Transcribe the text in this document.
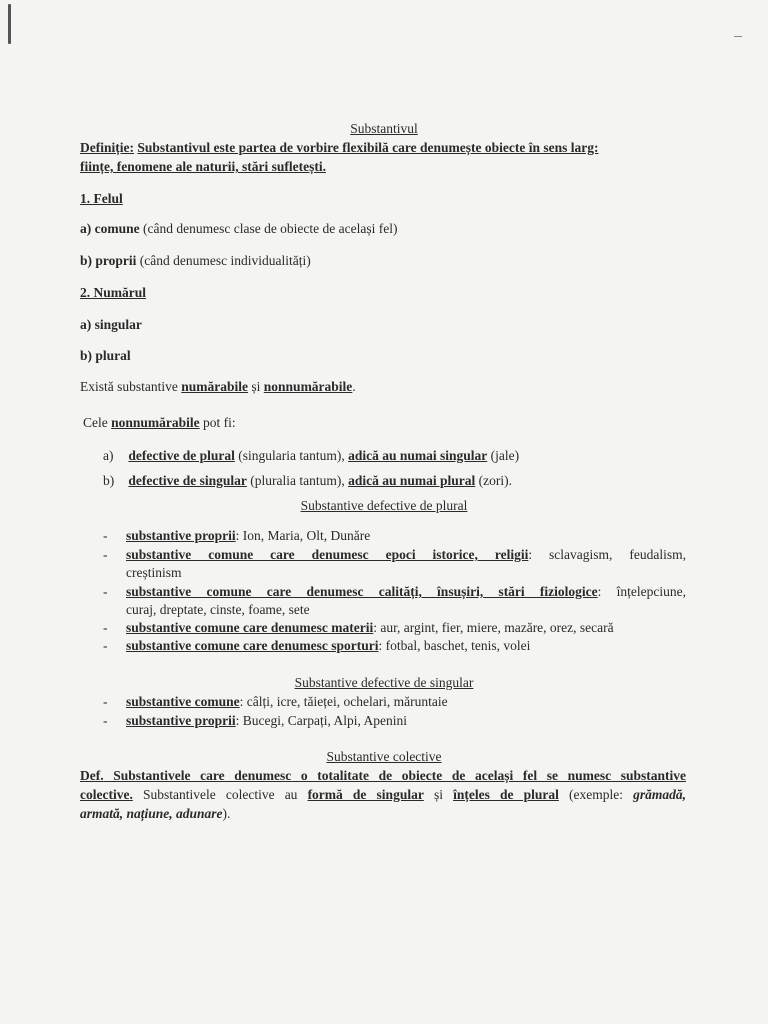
Substantivul
Definiție: Substantivul este partea de vorbire flexibilă care denumește obiecte în sens larg:
ființe, fenomene ale naturii, stări sufletești.
1. Felul
a) comune (când denumesc clase de obiecte de același fel)
b) proprii (când denumesc individualități)
2. Numărul
a) singular
b) plural
Există substantive numărabile și nonnumărabile.
Cele nonnumărabile pot fi:
a) defective de plural (singularia tantum), adică au numai singular (jale)
b) defective de singular (pluralia tantum), adică au numai plural (zori).
Substantive defective de plural
- substantive proprii: Ion, Maria, Olt, Dunăre
- substantive comune care denumesc epoci istorice, religii: sclavagism, feudalism,
creștinism
- substantive comune care denumesc calități, însușiri, stări fiziologice: înțelepciune,
curaj, dreptate, cinste, foame, sete
- substantive comune care denumesc materii: aur, argint, fier, miere, mazăre, orez, secară
- substantive comune care denumesc sporturi: fotbal, baschet, tenis, volei
Substantive defective de singular
- substantive comune: câlți, icre, tăieței, ochelari, măruntaie
- substantive proprii: Bucegi, Carpați, Alpi, Apenini
Substantive colective
Def. Substantivele care denumesc o totalitate de obiecte de același fel se numesc substantive
colective. Substantivele colective au formă de singular și înțeles de plural (exemple: grămadă,
armată, națiune, adunare).
